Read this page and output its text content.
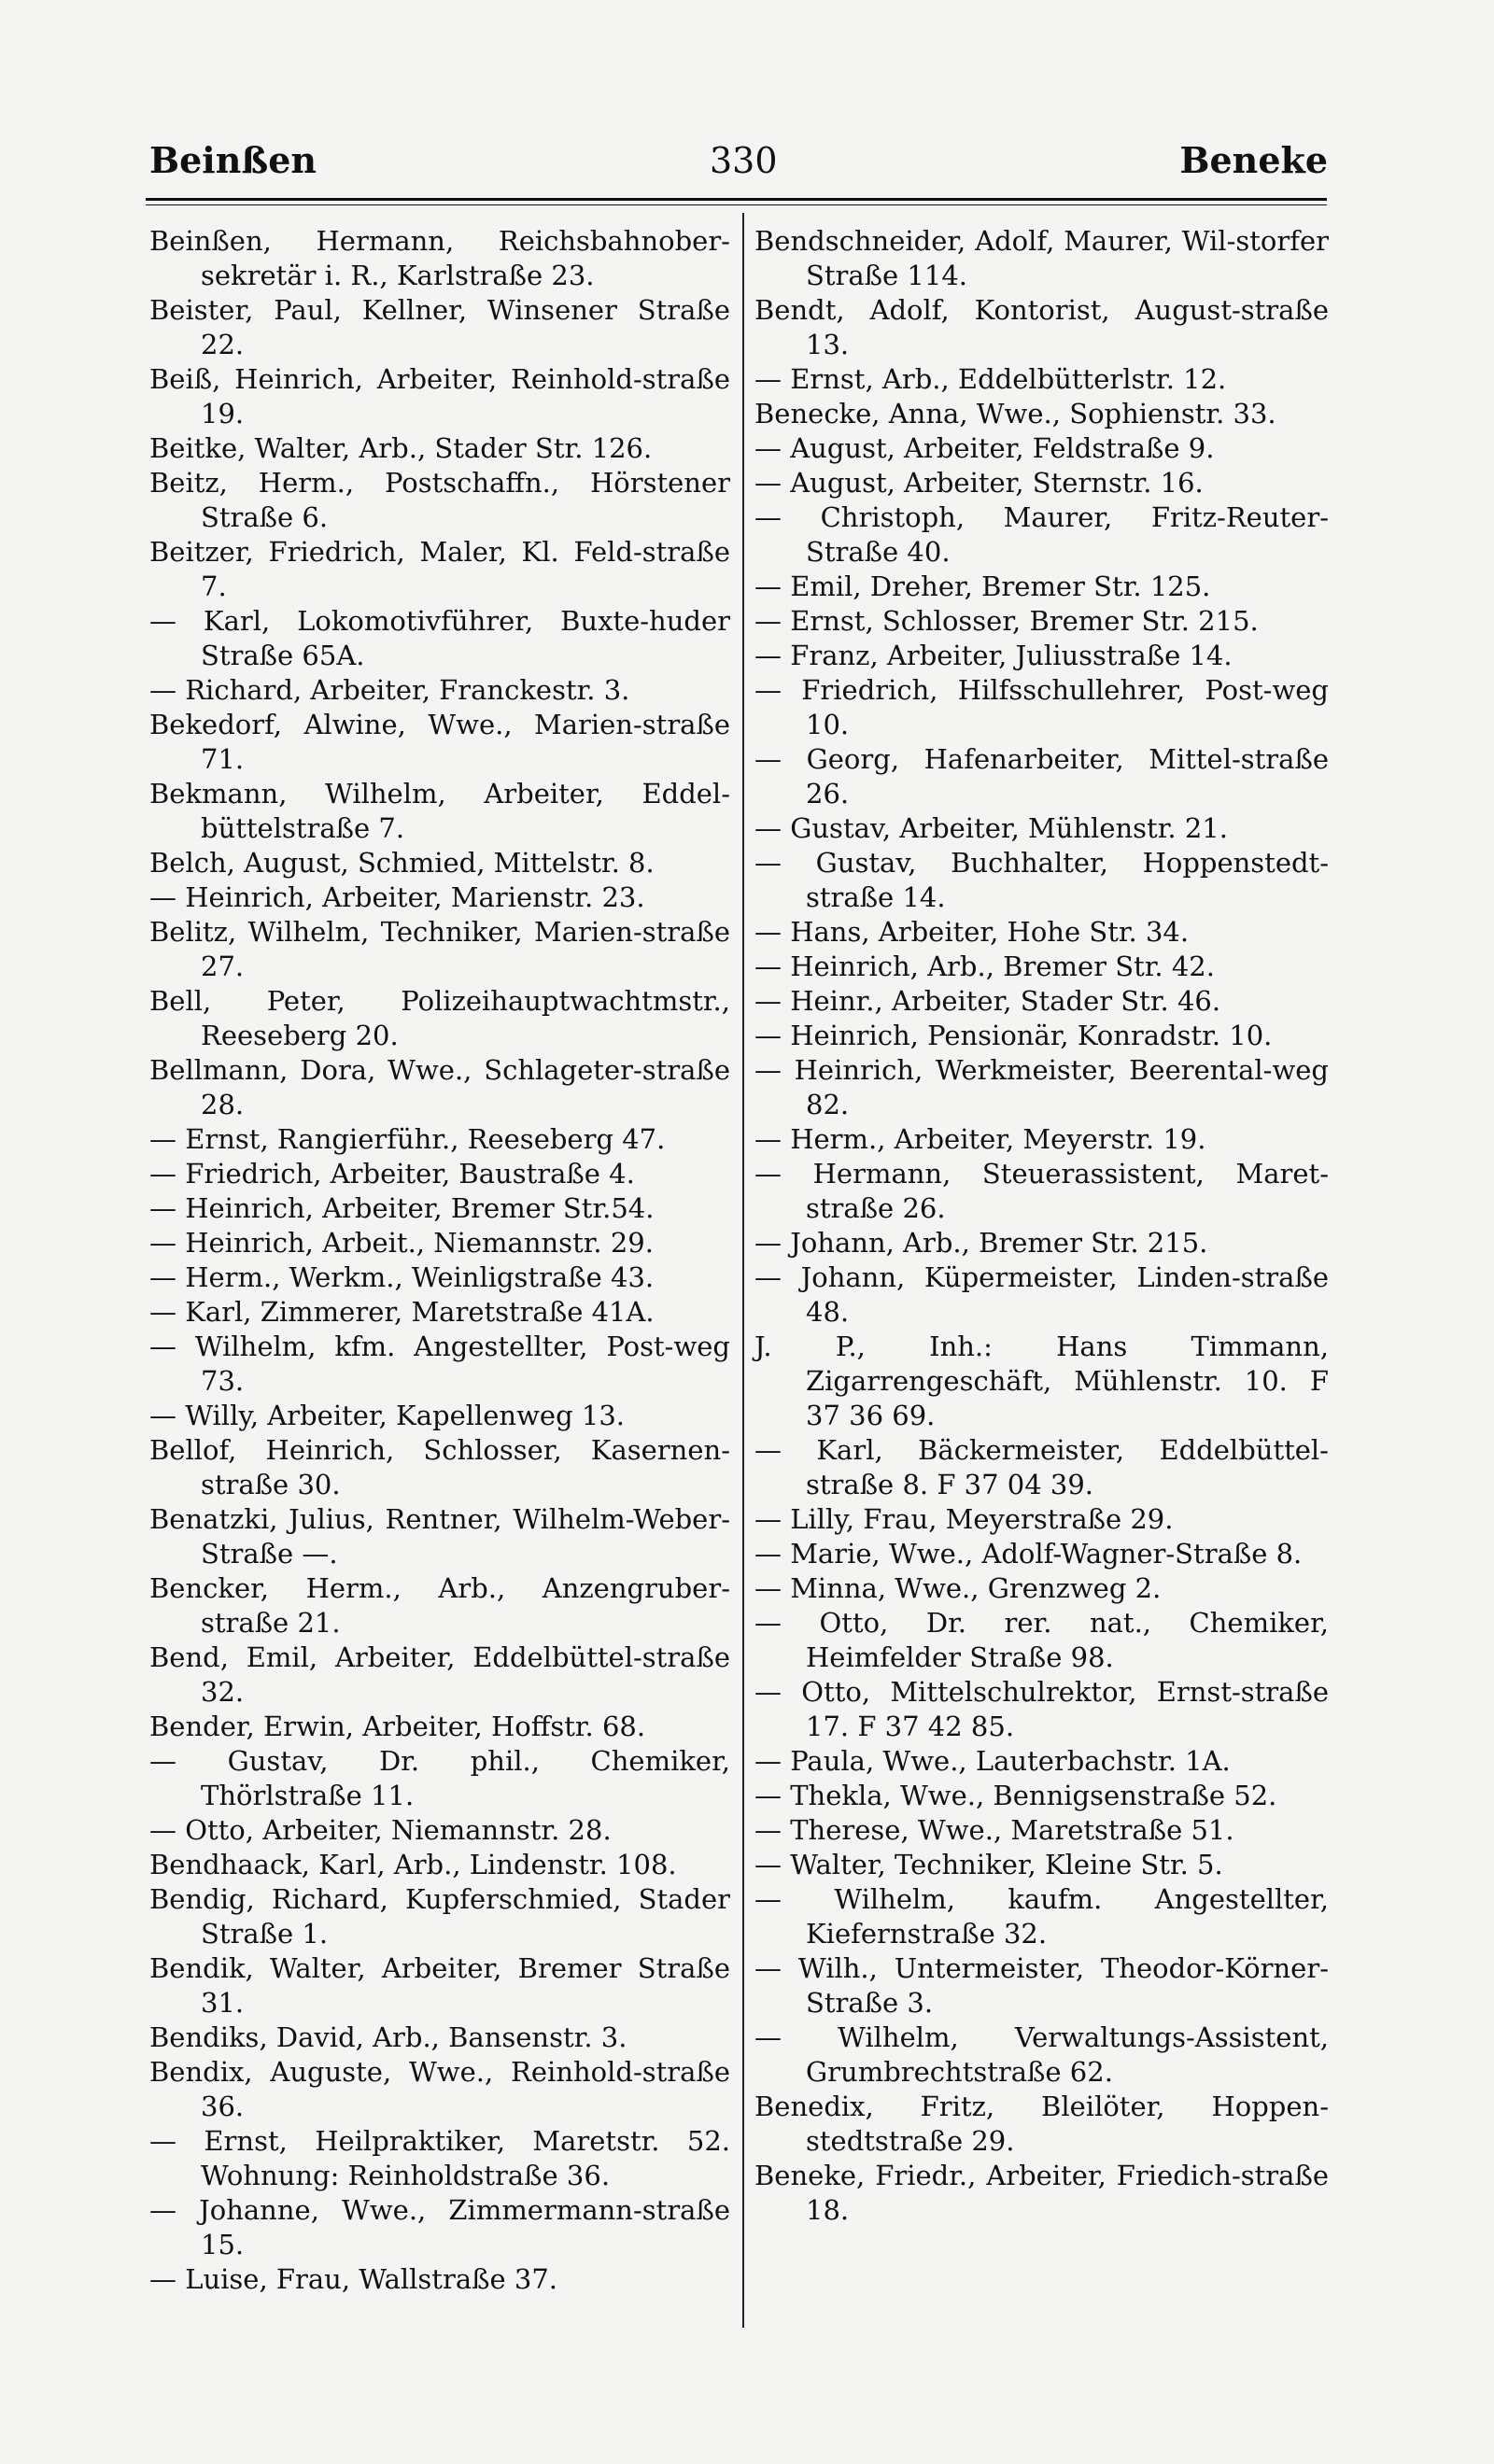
Beinßen	330	Beneke

Beinßen, Hermann, Reichsbahnober-sekretär i. R., Karlstraße 23.

Beister, Paul, Kellner, Winsener Straße 22.

Beiß, Heinrich, Arbeiter, Reinhold-straße 19.

Beitke, Walter, Arb., Stader Str. 126.

Beitz, Herm., Postschaffn., Hörstener Straße 6.

Beitzer, Friedrich, Maler, Kl. Feld-straße 7.

— Karl, Lokomotivführer, Buxte-huder Straße 65A.

— Richard, Arbeiter, Franckestr. 3.

Bekedorf, Alwine, Wwe., Marien-straße 71.

Bekmann, Wilhelm, Arbeiter, Eddel-büttelstraße 7.

Belch, August, Schmied, Mittelstr. 8.

— Heinrich, Arbeiter, Marienstr. 23.

Belitz, Wilhelm, Techniker, Marien-straße 27.

Bell, Peter, Polizeihauptwachtmstr., Reeseberg 20.

Bellmann, Dora, Wwe., Schlageter-straße 28.

— Ernst, Rangierführ., Reeseberg 47.

— Friedrich, Arbeiter, Baustraße 4.

— Heinrich, Arbeiter, Bremer Str.54.

— Heinrich, Arbeit., Niemannstr. 29.

— Herm., Werkm., Weinligstraße 43.

— Karl, Zimmerer, Maretstraße 41A.

— Wilhelm, kfm. Angestellter, Post-weg 73.

— Willy, Arbeiter, Kapellenweg 13.

Bellof, Heinrich, Schlosser, Kasernen-straße 30.

Benatzki, Julius, Rentner, Wilhelm-Weber-Straße —.

Bencker, Herm., Arb., Anzengruber-straße 21.

Bend, Emil, Arbeiter, Eddelbüttel-straße 32.

Bender, Erwin, Arbeiter, Hoffstr. 68.

— Gustav, Dr. phil., Chemiker, Thörlstraße 11.

— Otto, Arbeiter, Niemannstr. 28.

Bendhaack, Karl, Arb., Lindenstr. 108.

Bendig, Richard, Kupferschmied, Stader Straße 1.

Bendik, Walter, Arbeiter, Bremer Straße 31.

Bendiks, David, Arb., Bansenstr. 3.

Bendix, Auguste, Wwe., Reinhold-straße 36.

— Ernst, Heilpraktiker, Maretstr. 52. Wohnung: Reinholdstraße 36.

— Johanne, Wwe., Zimmermann-straße 15.

— Luise, Frau, Wallstraße 37.

Bendschneider, Adolf, Maurer, Wil-storfer Straße 114.

Bendt, Adolf, Kontorist, August-straße 13.

— Ernst, Arb., Eddelbütterlstr. 12.

Benecke, Anna, Wwe., Sophienstr. 33.

— August, Arbeiter, Feldstraße 9.

— August, Arbeiter, Sternstr. 16.

— Christoph, Maurer, Fritz-Reuter-Straße 40.

— Emil, Dreher, Bremer Str. 125.

— Ernst, Schlosser, Bremer Str. 215.

— Franz, Arbeiter, Juliusstraße 14.

— Friedrich, Hilfsschullehrer, Post-weg 10.

— Georg, Hafenarbeiter, Mittel-straße 26.

— Gustav, Arbeiter, Mühlenstr. 21.

— Gustav, Buchhalter, Hoppenstedt-straße 14.

— Hans, Arbeiter, Hohe Str. 34.

— Heinrich, Arb., Bremer Str. 42.

— Heinr., Arbeiter, Stader Str. 46.

— Heinrich, Pensionär, Konradstr. 10.

— Heinrich, Werkmeister, Beerental-weg 82.

— Herm., Arbeiter, Meyerstr. 19.

— Hermann, Steuerassistent, Maret-straße 26.

— Johann, Arb., Bremer Str. 215.

— Johann, Küpermeister, Linden-straße 48.

J. P., Inh.: Hans Timmann, Zigarrengeschäft, Mühlenstr. 10. F 37 36 69.

— Karl, Bäckermeister, Eddelbüttel-straße 8. F 37 04 39.

— Lilly, Frau, Meyerstraße 29.

— Marie, Wwe., Adolf-Wagner-Straße 8.

— Minna, Wwe., Grenzweg 2.

— Otto, Dr. rer. nat., Chemiker, Heimfelder Straße 98.

— Otto, Mittelschulrektor, Ernst-straße 17. F 37 42 85.

— Paula, Wwe., Lauterbachstr. 1A.

— Thekla, Wwe., Bennigsenstraße 52.

— Therese, Wwe., Maretstraße 51.

— Walter, Techniker, Kleine Str. 5.

— Wilhelm, kaufm. Angestellter, Kiefernstraße 32.

— Wilh., Untermeister, Theodor-Körner-Straße 3.

— Wilhelm, Verwaltungs-Assistent, Grumbrechtstraße 62.

Benedix, Fritz, Bleilöter, Hoppen-stedtstraße 29.

Beneke, Friedr., Arbeiter, Friedich-straße 18.
